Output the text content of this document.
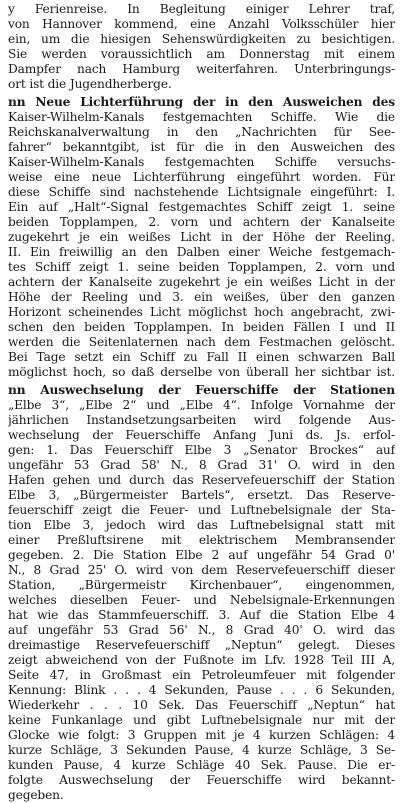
y Ferienreise. In Begleitung einiger Lehrer traf,
von Hannover kommend, eine Anzahl Volksschüler hier
ein, um die hiesigen Sehenswürdigkeiten zu besichtigen.
Sie werden voraussichtlich am Donnerstag mit einem
Dampfer nach Hamburg weiterfahren. Unterbringungs-
ort ist die Jugendherberge.
nn Neue Lichterführung der in den Ausweichen des
Kaiser-Wilhelm-Kanals festgemachten Schiffe. Wie die
Reichskanalverwaltung in den „Nachrichten für See-
fahrer“ bekanntgibt, ist für die in den Ausweichen des
Kaiser-Wilhelm-Kanals festgemachten Schiffe versuchs-
weise eine neue Lichterführung eingeführt worden. Für
diese Schiffe sind nachstehende Lichtsignale eingeführt: I.
Ein auf „Halt“-Signal festgemachtes Schiff zeigt 1. seine
beiden Topplampen, 2. vorn und achtern der Kanalseite
zugekehrt je ein weißes Licht in der Höhe der Reeling.
II. Ein freiwillig an den Dalben einer Weiche festgemach-
tes Schiff zeigt 1. seine beiden Topplampen, 2. vorn und
achtern der Kanalseite zugekehrt je ein weißes Licht in der
Höhe der Reeling und 3. ein weißes, über den ganzen
Horizont scheinendes Licht möglichst hoch angebracht, zwi-
schen den beiden Topplampen. In beiden Fällen I und II
werden die Seitenlaternen nach dem Festmachen gelöscht.
Bei Tage setzt ein Schiff zu Fall II einen schwarzen Ball
möglichst hoch, so daß derselbe von überall her sichtbar ist.
nn Auswechselung der Feuerschiffe der Stationen
„Elbe 3“, „Elbe 2“ und „Elbe 4“. Infolge Vornahme der
jährlichen Instandsetzungsarbeiten wird folgende Aus-
wechselung der Feuerschiffe Anfang Juni ds. Js. erfol-
gen: 1. Das Feuerschiff Elbe 3 „Senator Brockes“ auf
ungefähr 53 Grad 58' N., 8 Grad 31' O. wird in den
Hafen gehen und durch das Reservefeuerschiff der Station
Elbe 3, „Bürgermeister Bartels“, ersetzt. Das Reserve-
feuerschiff zeigt die Feuer- und Luftnebelsignale der Sta-
tion Elbe 3, jedoch wird das Luftnebelsignal statt mit
einer Preßluftsirene mit elektrischem Membransender
gegeben. 2. Die Station Elbe 2 auf ungefähr 54 Grad 0'
N., 8 Grad 25' O. wird von dem Reservefeuerschiff dieser
Station, „Bürgermeistr Kirchenbauer“, eingenommen,
welches dieselben Feuer- und Nebelsignale-Erkennungen
hat wie das Stammfeuerschiff. 3. Auf die Station Elbe 4
auf ungefähr 53 Grad 56' N., 8 Grad 40' O. wird das
dreimastige Reservefeuerschiff „Neptun“ gelegt. Dieses
zeigt abweichend von der Fußnote im Lfv. 1928 Teil III A,
Seite 47, in Großmast ein Petroleumfeuer mit folgender
Kennung: Blink . . . 4 Sekunden, Pause . . . 6 Sekunden,
Wiederkehr . . . 10 Sek. Das Feuerschiff „Neptun“ hat
keine Funkanlage und gibt Luftnebelsignale nur mit der
Glocke wie folgt: 3 Gruppen mit je 4 kurzen Schlägen: 4
kurze Schläge, 3 Sekunden Pause, 4 kurze Schläge, 3 Se-
kunden Pause, 4 kurze Schläge 40 Sek. Pause. Die er-
folgte Auswechselung der Feuerschiffe wird bekannt-
gegeben.
